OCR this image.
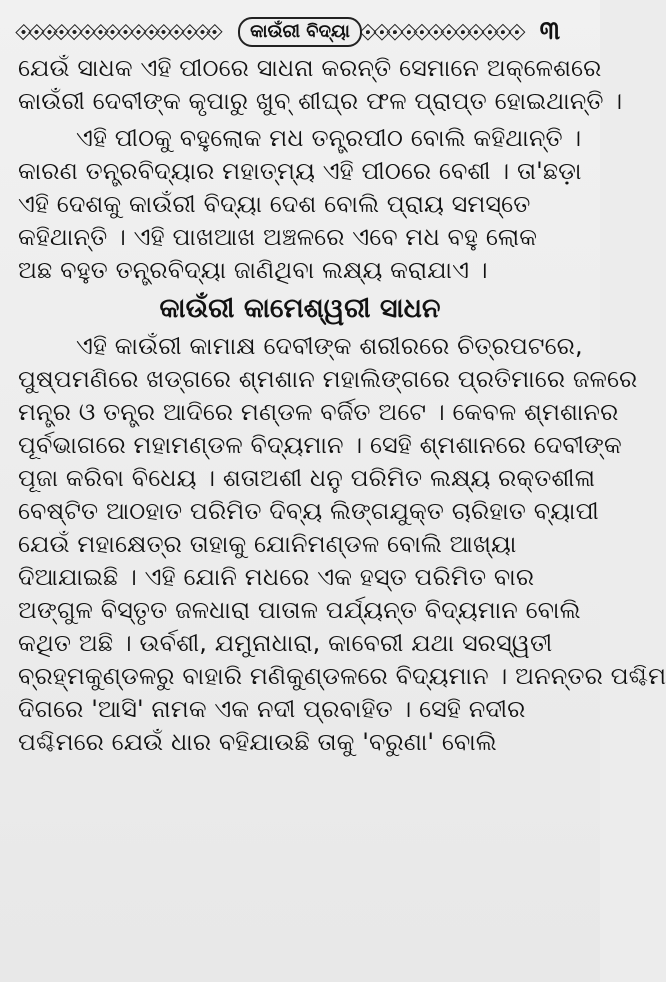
କାଉଁରୀ ବିଦ୍ୟା	୩

ଯେଉଁ ସାଧକ ଏହି ପୀଠରେ ସାଧନା କରନ୍ତି ସେମାନେ ଅକ୍ଳେଶରେ

କାଉଁରୀ ଦେବୀଙ୍କ କୃପାରୁ ଖୁବ୍ ଶୀଘ୍ର ଫଳ ପ୍ରାପ୍ତ ହୋଇଥାନ୍ତି ।

ଏହି ପୀଠକୁ ବହୁଲୋକ ମଧ ତନ୍ତ୍ରପୀଠ ବୋଲି କହିଥାନ୍ତି ।

କାରଣ ତନ୍ତ୍ରବିଦ୍ୟାର ମହାତ୍ମ୍ୟ ଏହି ପୀଠରେ ବେଶୀ । ତା'ଛଡ଼ା

ଏହି ଦେଶକୁ କାଉଁରୀ ବିଦ୍ୟା ଦେଶ ବୋଲି ପ୍ରାୟ ସମସ୍ତେ

କହିଥାନ୍ତି । ଏହି ପାଖଆଖ ଅଞ୍ଚଳରେ ଏବେ ମଧ ବହୁ ଲୋକ

ଅଛ ବହୁତ ତନ୍ତ୍ରବିଦ୍ୟା ଜାଣିଥିବା ଲକ୍ଷ୍ୟ କରାଯାଏ ।

କାଉଁରୀ କାମେଶ୍ୱରୀ ସାଧନ

ଏହି କାଉଁରୀ କାମାକ୍ଷ ଦେବୀଙ୍କ ଶରୀରରେ ଚିତ୍ରପଟରେ,

ପୁଷ୍ପମଣିରେ ଖଡ୍‌ଗରେ ଶ୍ମଶାନ ମହାଲିଙ୍ଗରେ ପ୍ରତିମାରେ ଜଳରେ

ମନ୍ତ୍ର ଓ ତନ୍ତ୍ର ଆଦିରେ ମଣ୍ଡଳ ବର୍ଜିତ ଅଟେ । କେବଳ ଶ୍ମଶାନର

ପୂର୍ବଭାଗରେ ମହାମଣ୍ଡଳ ବିଦ୍ୟମାନ । ସେହି ଶ୍ମଶାନରେ ଦେବୀଙ୍କ

ପୂଜା କରିବା ବିଧେୟ । ଶତାଅଶୀ ଧନୁ ପରିମିତ ଲକ୍ଷ୍ୟ ରକ୍ତଶୀଳା

ବେଷ୍ଟିତ ଆଠହାତ ପରିମିତ ଦିବ୍ୟ ଲିଙ୍ଗଯୁକ୍ତ ଚାରିହାତ ବ୍ୟାପୀ

ଯେଉଁ ମହାକ୍ଷେତ୍ର ତାହାକୁ ଯୋନିମଣ୍ଡଳ ବୋଲି ଆଖ୍ୟା

ଦିଆଯାଇଛି । ଏହି ଯୋନି ମଧରେ ଏକ ହସ୍ତ ପରିମିତ ବାର

ଅଙ୍ଗୁଳ ବିସ୍ତୃତ ଜଳଧାରା ପାତାଳ ପର୍ଯ୍ୟନ୍ତ ବିଦ୍ୟମାନ ବୋଲି

କଥିତ ଅଛି । ଉର୍ବଶୀ, ଯମୁନାଧାରା, କାବେରୀ ଯଥା ସରସ୍ୱତୀ

ବ୍ରହ୍ମକୁଣ୍ଡଳରୁ ବାହାରି ମଣିକୁଣ୍ଡଳରେ ବିଦ୍ୟମାନ । ଅନନ୍ତର ପଶ୍ଚିମ

ଦିଗରେ 'ଆସି' ନାମକ ଏକ ନଦୀ ପ୍ରବାହିତ । ସେହି ନଦୀର

ପଶ୍ଚିମରେ ଯେଉଁ ଧାର ବହିଯାଉଛି ତାକୁ 'ବରୁଣା' ବୋଲି
